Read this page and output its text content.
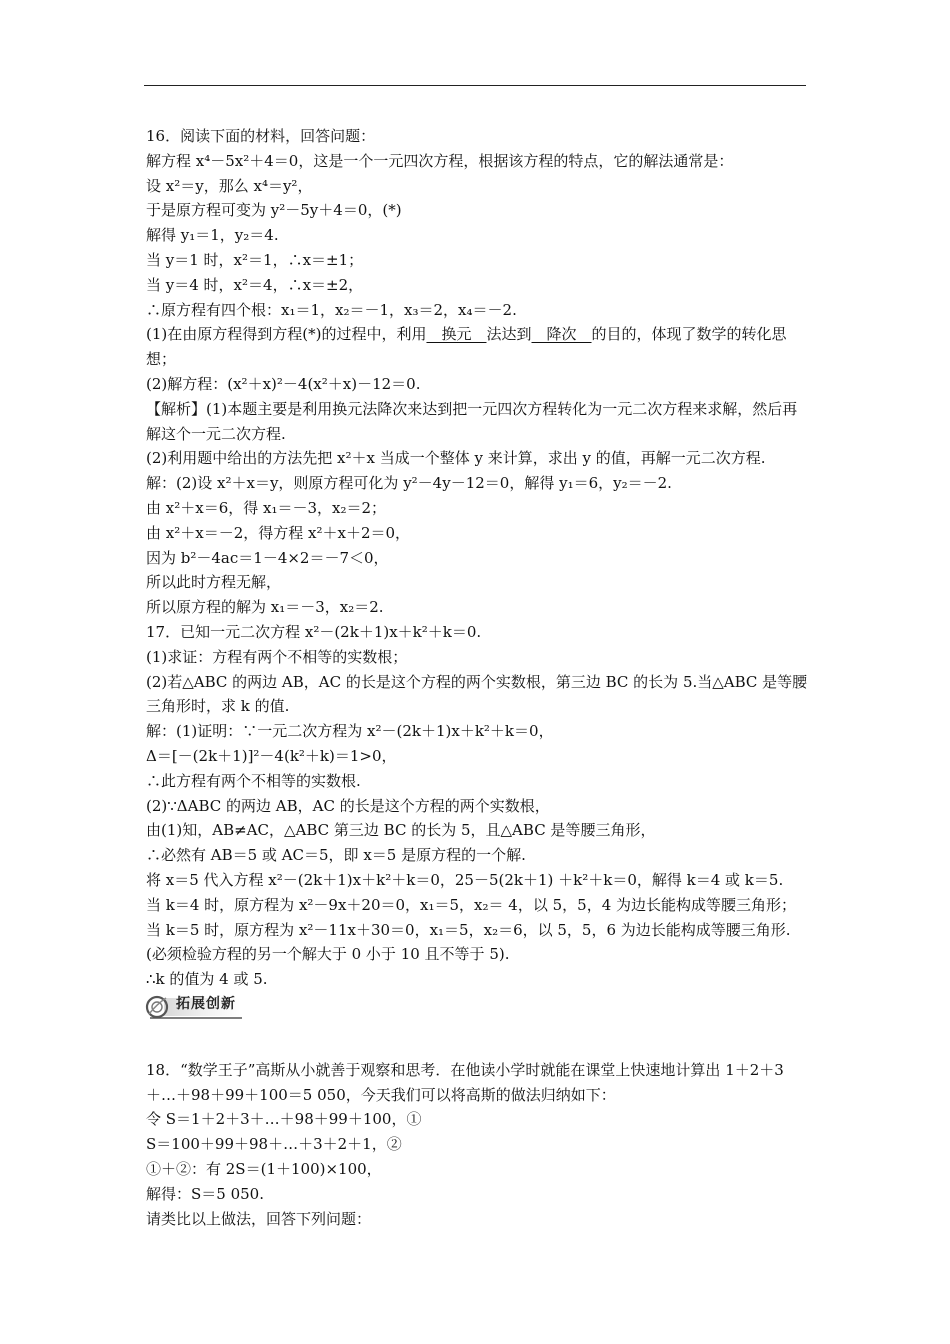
16．阅读下面的材料，回答问题：
解方程 x⁴－5x²＋4＝0，这是一个一元四次方程，根据该方程的特点，它的解法通常是：
设 x²＝y，那么 x⁴＝y²，
于是原方程可变为 y²－5y＋4＝0，(*)
解得 y₁＝1，y₂＝4.
当 y＝1 时，x²＝1，∴x＝±1；
当 y＝4 时，x²＝4，∴x＝±2，
∴原方程有四个根：x₁＝1，x₂＝－1，x₃＝2，x₄＝－2.
(1)在由原方程得到方程(*)的过程中，利用　换元　法达到　降次　的目的，体现了数学的转化思想；
(2)解方程：(x²＋x)²－4(x²＋x)－12＝0.
【解析】(1)本题主要是利用换元法降次来达到把一元四次方程转化为一元二次方程来求解，然后再解这个一元二次方程.
(2)利用题中给出的方法先把 x²＋x 当成一个整体 y 来计算，求出 y 的值，再解一元二次方程.
解：(2)设 x²＋x＝y，则原方程可化为 y²－4y－12＝0，解得 y₁＝6，y₂＝－2.
由 x²＋x＝6，得 x₁＝－3，x₂＝2；
由 x²＋x＝－2，得方程 x²＋x＋2＝0，
因为 b²－4ac＝1－4×2＝－7＜0，
所以此时方程无解，
所以原方程的解为 x₁＝－3，x₂＝2.
17．已知一元二次方程 x²－(2k＋1)x＋k²＋k＝0.
(1)求证：方程有两个不相等的实数根；
(2)若△ABC 的两边 AB，AC 的长是这个方程的两个实数根，第三边 BC 的长为 5.当△ABC 是等腰三角形时，求 k 的值.
解：(1)证明：∵一元二次方程为 x²－(2k＋1)x＋k²＋k＝0，
Δ＝[－(2k＋1)]²－4(k²＋k)＝1>0，
∴此方程有两个不相等的实数根.
(2)∵ΔABC 的两边 AB，AC 的长是这个方程的两个实数根，
由(1)知，AB≠AC，△ABC 第三边 BC 的长为 5，且△ABC 是等腰三角形，
∴必然有 AB＝5 或 AC＝5，即 x＝5 是原方程的一个解.
将 x＝5 代入方程 x²－(2k＋1)x＋k²＋k＝0，25－5(2k＋1) ＋k²＋k＝0，解得 k＝4 或 k＝5.
当 k＝4 时，原方程为 x²－9x＋20＝0，x₁＝5，x₂＝ 4，以 5，5，4 为边长能构成等腰三角形；
当 k＝5 时，原方程为 x²－11x＋30＝0，x₁＝5，x₂＝6，以 5，5，6 为边长能构成等腰三角形. (必须检验方程的另一个解大于 0 小于 10 且不等于 5).
∴k 的值为 4 或 5.
拓展创新
18．“数学王子”高斯从小就善于观察和思考．在他读小学时就能在课堂上快速地计算出 1＋2＋3＋…＋98＋99＋100＝5 050，今天我们可以将高斯的做法归纳如下：
令 S＝1＋2＋3＋…＋98＋99＋100，①
S＝100＋99＋98＋…＋3＋2＋1，②
①＋②：有 2S＝(1＋100)×100，
解得：S＝5 050.
请类比以上做法，回答下列问题：
